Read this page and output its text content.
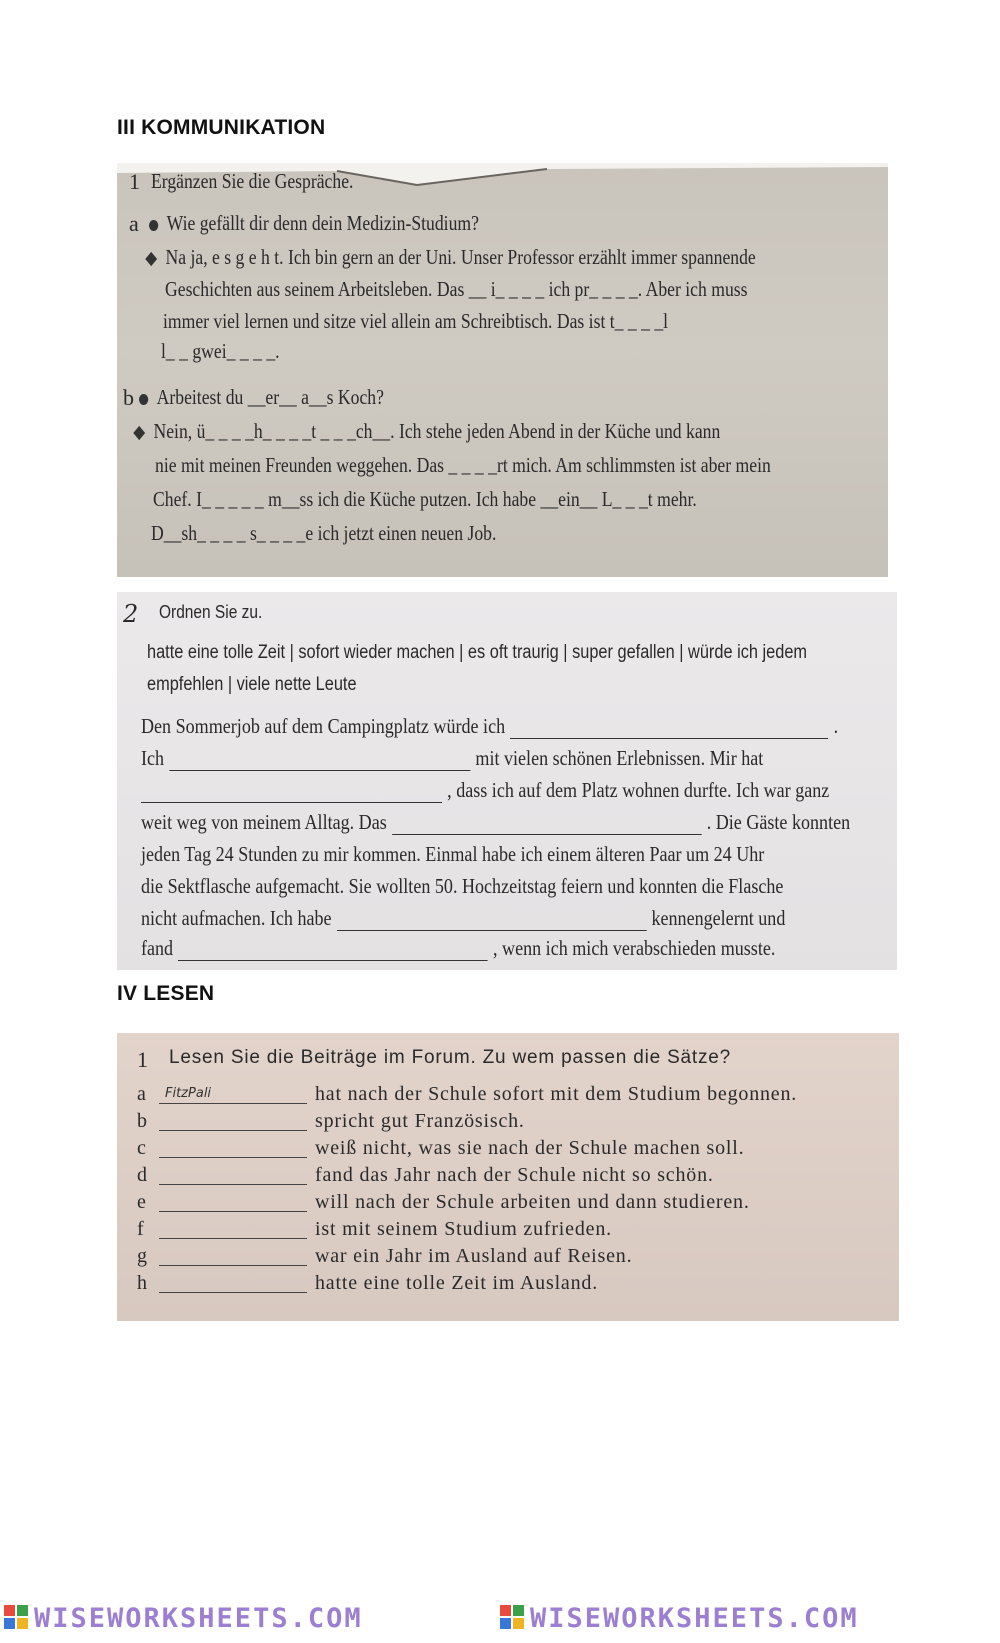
III KOMMUNIKATION
1 Ergänzen Sie die Gespräche.
a	Wie gefällt dir denn dein Medizin-Studium?
Na ja, e s g e h t. Ich bin gern an der Uni. Unser Professor erzählt immer spannende
Geschichten aus seinem Arbeitsleben. Das __ i_ _ _ _ ich pr_ _ _ _. Aber ich muss
immer viel lernen und sitze viel allein am Schreibtisch. Das ist t_ _ _ _l
l_ _ gwei_ _ _ _.
b	Arbeitest du __er__ a__s Koch?
Nein, ü_ _ _ _h_ _ _ _t _ _ _ch__. Ich stehe jeden Abend in der Küche und kann
nie mit meinen Freunden weggehen. Das _ _ _ _rt mich. Am schlimmsten ist aber mein
Chef. I_ _ _ _ _ m__ss ich die Küche putzen. Ich habe __ein__ L_ _ _t mehr.
D__sh_ _ _ _ s_ _ _ _e ich jetzt einen neuen Job.
2 Ordnen Sie zu.
hatte eine tolle Zeit | sofort wieder machen | es oft traurig | super gefallen | würde ich jedem
empfehlen | viele nette Leute
Den Sommerjob auf dem Campingplatz würde ich	.
Ich	mit vielen schönen Erlebnissen. Mir hat
, dass ich auf dem Platz wohnen durfte. Ich war ganz
weit weg von meinem Alltag. Das	. Die Gäste konnten
jeden Tag 24 Stunden zu mir kommen. Einmal habe ich einem älteren Paar um 24 Uhr
die Sektflasche aufgemacht. Sie wollten 50. Hochzeitstag feiern und konnten die Flasche
nicht aufmachen. Ich habe	kennengelernt und
fand	, wenn ich mich verabschieden musste.
IV LESEN
1 Lesen Sie die Beiträge im Forum. Zu wem passen die Sätze?
a FitzPali	hat nach der Schule sofort mit dem Studium begonnen.
b	spricht gut Französisch.
c	weiß nicht, was sie nach der Schule machen soll.
d	fand das Jahr nach der Schule nicht so schön.
e	will nach der Schule arbeiten und dann studieren.
f	ist mit seinem Studium zufrieden.
g	war ein Jahr im Ausland auf Reisen.
h	hatte eine tolle Zeit im Ausland.
WISEWORKSHEETS.COM	WISEWORKSHEETS.COM
